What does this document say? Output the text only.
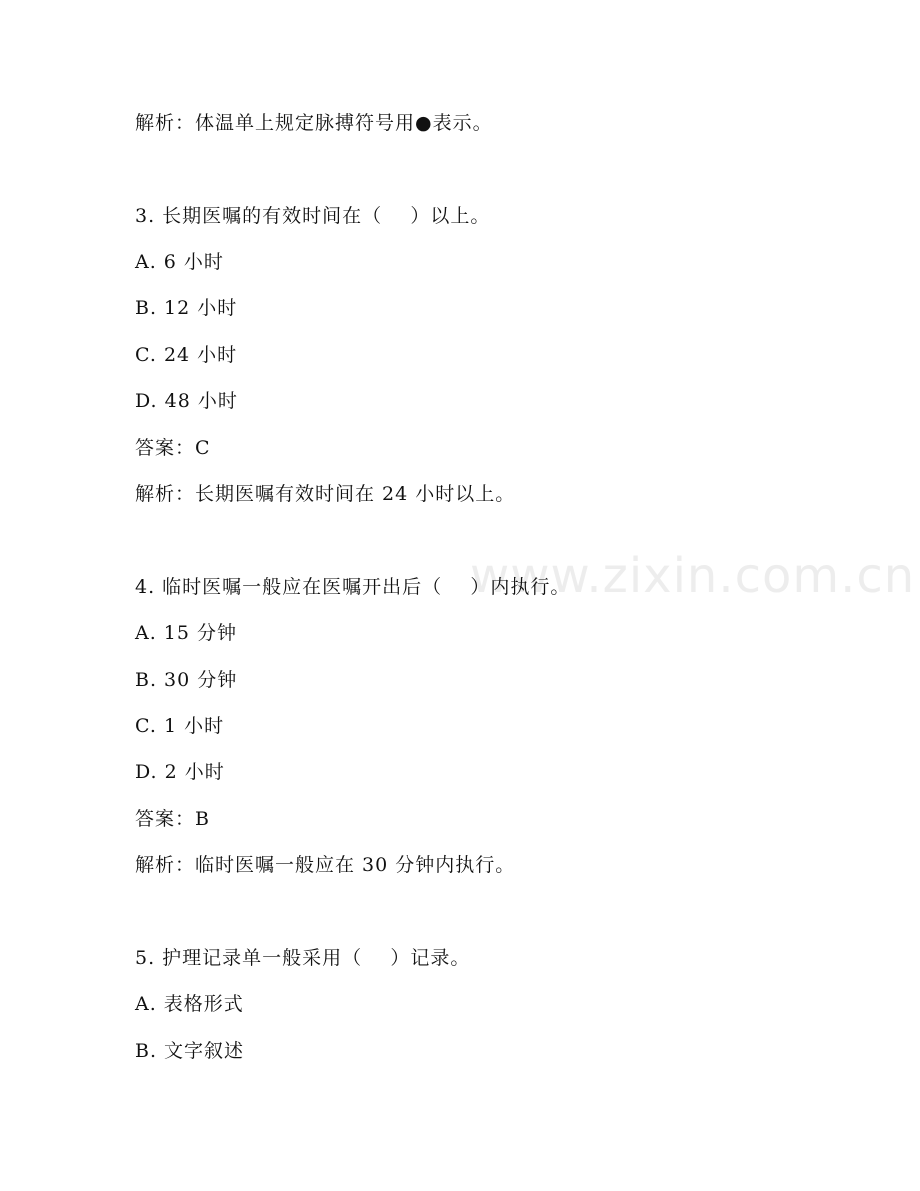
www.zixin.com.cn
解析：体温单上规定脉搏符号用●表示。
3. 长期医嘱的有效时间在（    ）以上。
A. 6 小时
B. 12 小时
C. 24 小时
D. 48 小时
答案：C
解析：长期医嘱有效时间在 24 小时以上。
4. 临时医嘱一般应在医嘱开出后（    ）内执行。
A. 15 分钟
B. 30 分钟
C. 1 小时
D. 2 小时
答案：B
解析：临时医嘱一般应在 30 分钟内执行。
5. 护理记录单一般采用（    ）记录。
A. 表格形式
B. 文字叙述
